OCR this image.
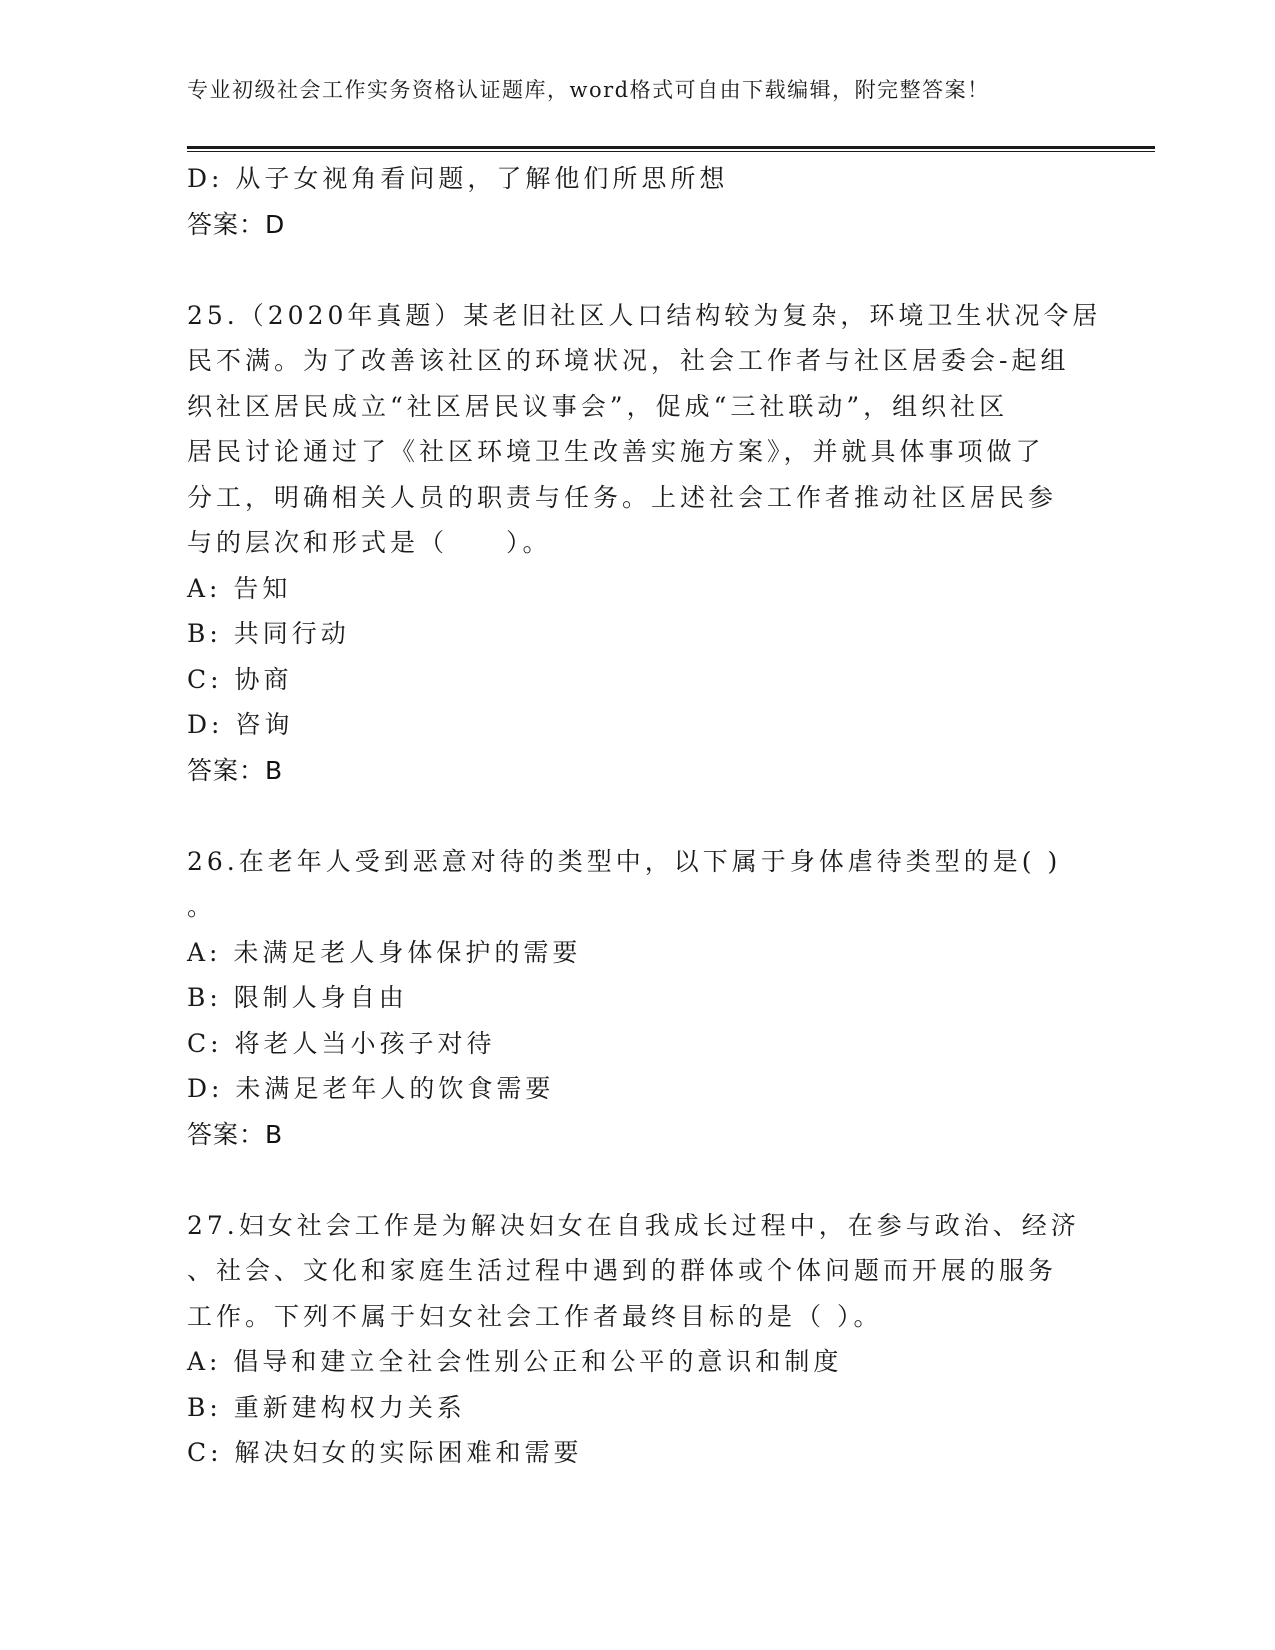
专业初级社会工作实务资格认证题库，word格式可自由下载编辑，附完整答案！
D: 从子女视角看问题，了解他们所思所想
答案：D
25.（2020年真题）某老旧社区人口结构较为复杂，环境卫生状况令居
民不满。为了改善该社区的环境状况，社会工作者与社区居委会-起组
织社区居民成立“社区居民议事会”，促成“三社联动”，组织社区
居民讨论通过了《社区环境卫生改善实施方案》，并就具体事项做了
分工，明确相关人员的职责与任务。上述社会工作者推动社区居民参
与的层次和形式是（　　）。
A: 告知
B: 共同行动
C: 协商
D: 咨询
答案：B
26.在老年人受到恶意对待的类型中，以下属于身体虐待类型的是( )
。
A: 未满足老人身体保护的需要
B: 限制人身自由
C: 将老人当小孩子对待
D: 未满足老年人的饮食需要
答案：B
27.妇女社会工作是为解决妇女在自我成长过程中，在参与政治、经济
、社会、文化和家庭生活过程中遇到的群体或个体问题而开展的服务
工作。下列不属于妇女社会工作者最终目标的是（ ）。
A: 倡导和建立全社会性别公正和公平的意识和制度
B: 重新建构权力关系
C: 解决妇女的实际困难和需要
